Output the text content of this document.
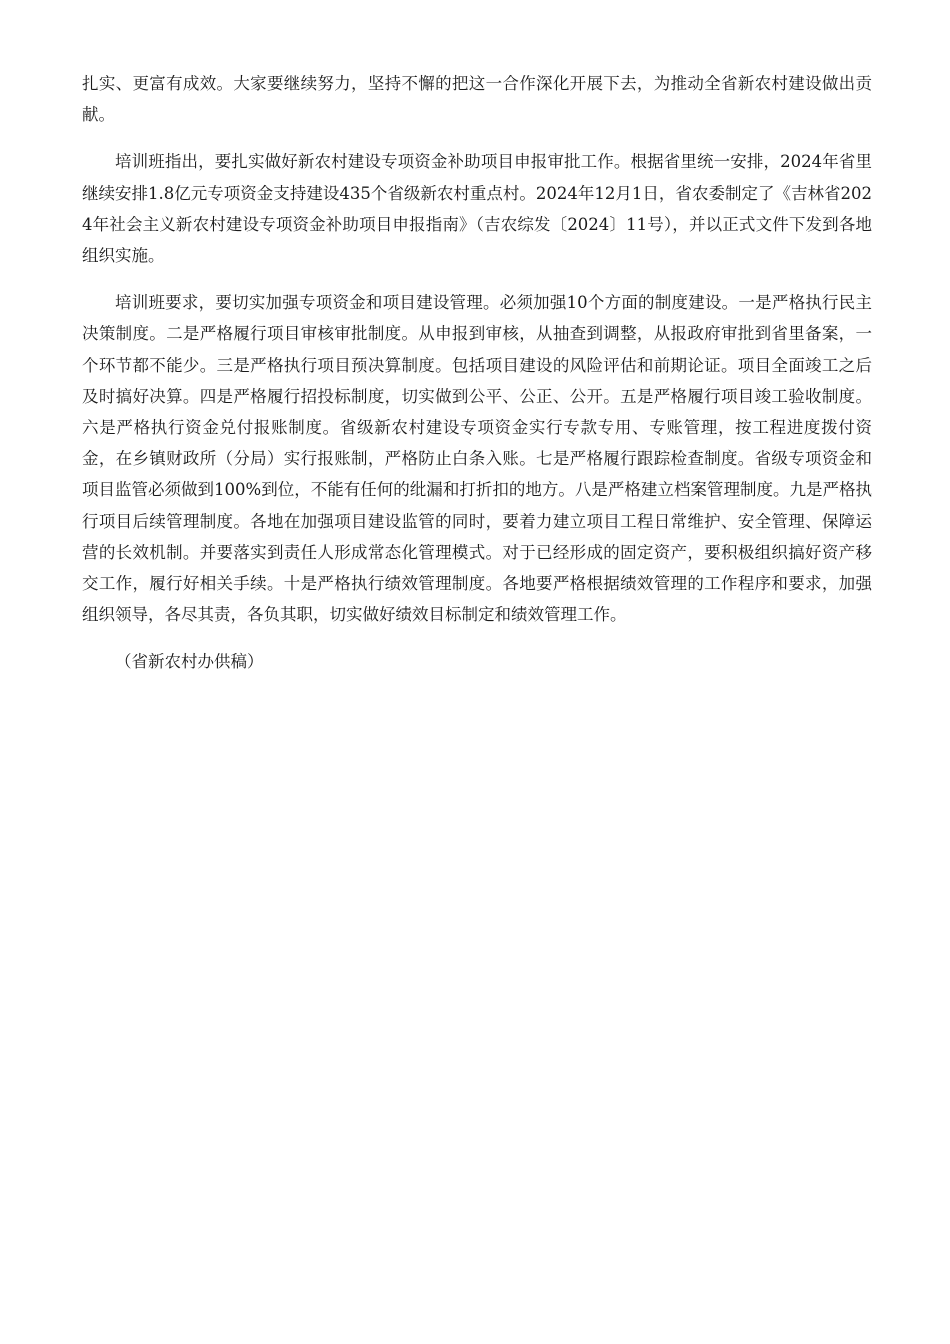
扎实、更富有成效。大家要继续努力，坚持不懈的把这一合作深化开展下去，为推动全省新农村建设做出贡献。

培训班指出，要扎实做好新农村建设专项资金补助项目申报审批工作。根据省里统一安排，2024年省里继续安排1.8亿元专项资金支持建设435个省级新农村重点村。2024年12月1日，省农委制定了《吉林省2024年社会主义新农村建设专项资金补助项目申报指南》（吉农综发〔2024〕11号），并以正式文件下发到各地组织实施。

培训班要求，要切实加强专项资金和项目建设管理。必须加强10个方面的制度建设。一是严格执行民主决策制度。二是严格履行项目审核审批制度。从申报到审核，从抽查到调整，从报政府审批到省里备案，一个环节都不能少。三是严格执行项目预决算制度。包括项目建设的风险评估和前期论证。项目全面竣工之后及时搞好决算。四是严格履行招投标制度，切实做到公平、公正、公开。五是严格履行项目竣工验收制度。六是严格执行资金兑付报账制度。省级新农村建设专项资金实行专款专用、专账管理，按工程进度拨付资金，在乡镇财政所（分局）实行报账制，严格防止白条入账。七是严格履行跟踪检查制度。省级专项资金和项目监管必须做到100%到位，不能有任何的纰漏和打折扣的地方。八是严格建立档案管理制度。九是严格执行项目后续管理制度。各地在加强项目建设监管的同时，要着力建立项目工程日常维护、安全管理、保障运营的长效机制。并要落实到责任人形成常态化管理模式。对于已经形成的固定资产，要积极组织搞好资产移交工作，履行好相关手续。十是严格执行绩效管理制度。各地要严格根据绩效管理的工作程序和要求，加强组织领导，各尽其责，各负其职，切实做好绩效目标制定和绩效管理工作。

（省新农村办供稿）
